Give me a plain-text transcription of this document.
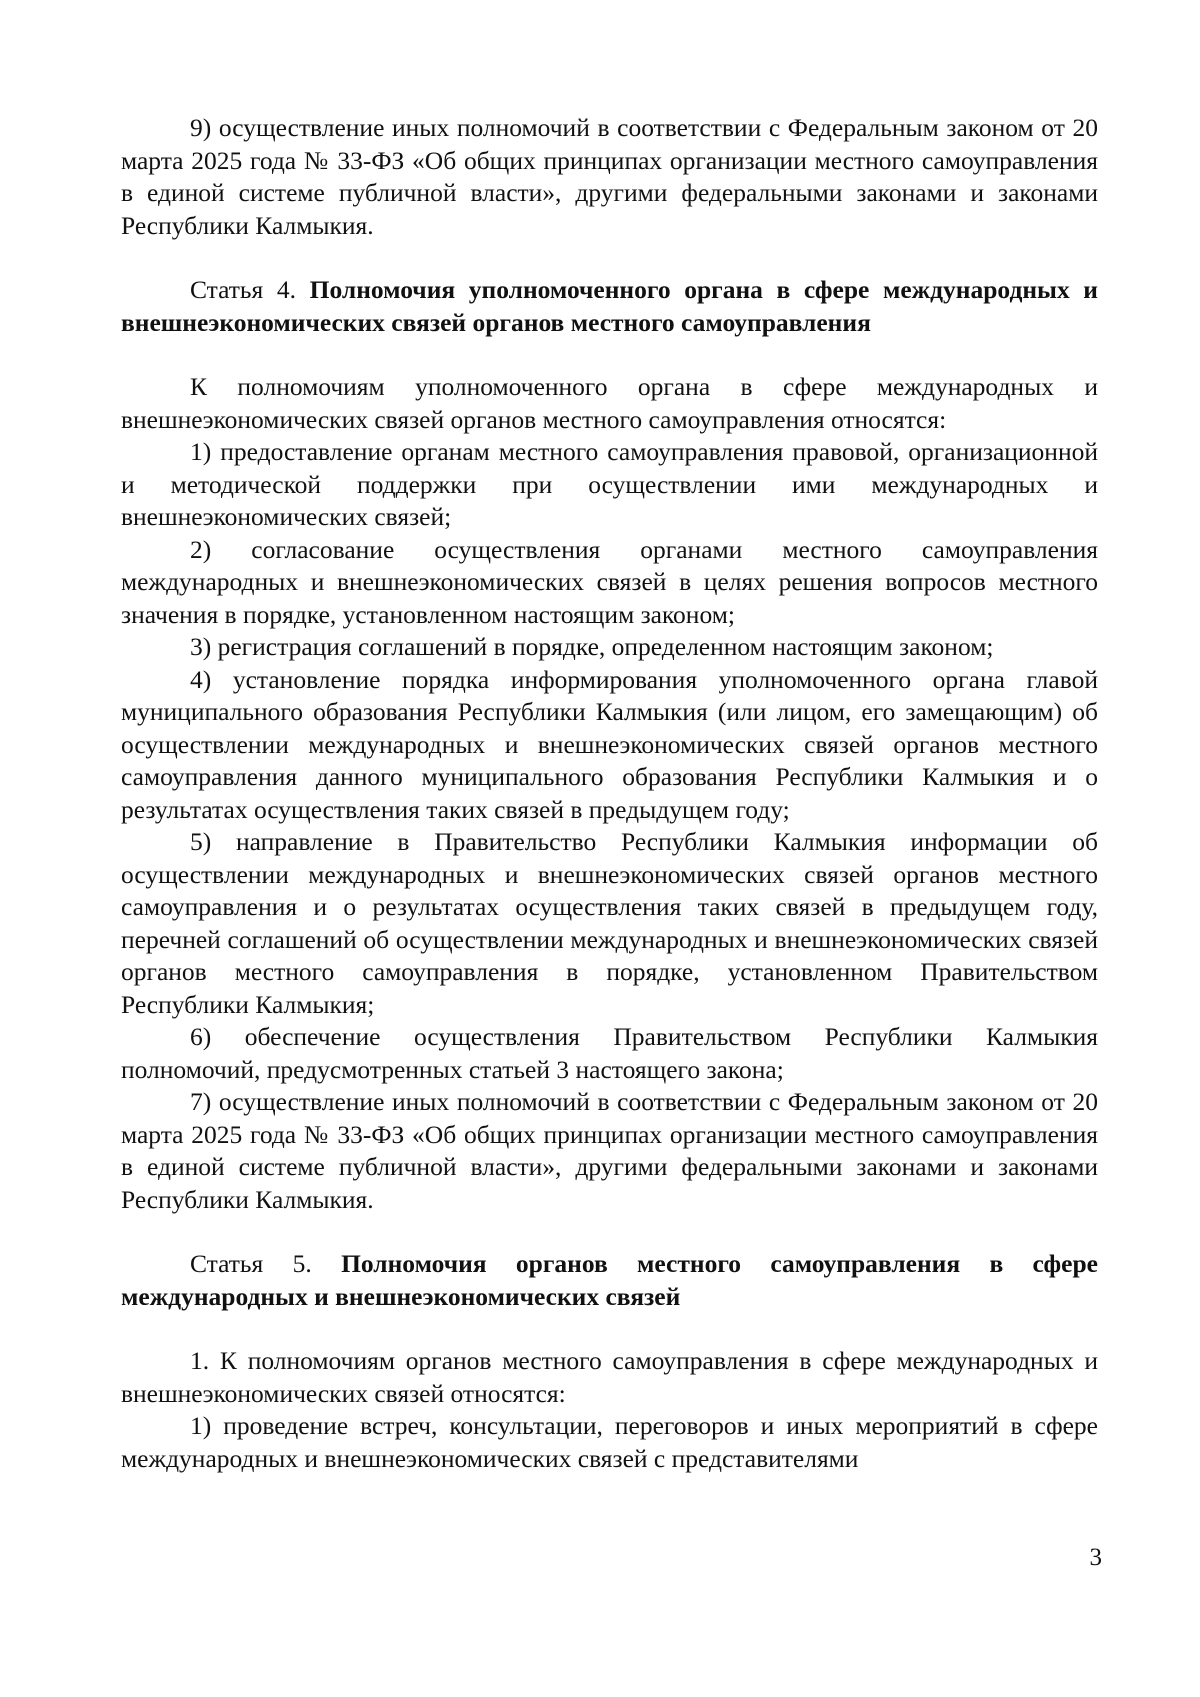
9) осуществление иных полномочий в соответствии с Федеральным законом от 20 марта 2025 года № 33-ФЗ «Об общих принципах организации местного самоуправления в единой системе публичной власти», другими федеральными законами и законами Республики Калмыкия.

Статья 4. Полномочия уполномоченного органа в сфере международных и внешнеэкономических связей органов местного самоуправления

К полномочиям уполномоченного органа в сфере международных и внешнеэкономических связей органов местного самоуправления относятся:

1) предоставление органам местного самоуправления правовой, организационной и методической поддержки при осуществлении ими международных и внешнеэкономических связей;

2) согласование осуществления органами местного самоуправления международных и внешнеэкономических связей в целях решения вопросов местного значения в порядке, установленном настоящим законом;

3) регистрация соглашений в порядке, определенном настоящим законом;

4) установление порядка информирования уполномоченного органа главой муниципального образования Республики Калмыкия (или лицом, его замещающим) об осуществлении международных и внешнеэкономических связей органов местного самоуправления данного муниципального образования Республики Калмыкия и о результатах осуществления таких связей в предыдущем году;

5) направление в Правительство Республики Калмыкия информации об осуществлении международных и внешнеэкономических связей органов местного самоуправления и о результатах осуществления таких связей в предыдущем году, перечней соглашений об осуществлении международных и внешнеэкономических связей органов местного самоуправления в порядке, установленном Правительством Республики Калмыкия;

6) обеспечение осуществления Правительством Республики Калмыкия полномочий, предусмотренных статьей 3 настоящего закона;

7) осуществление иных полномочий в соответствии с Федеральным законом от 20 марта 2025 года № 33-ФЗ «Об общих принципах организации местного самоуправления в единой системе публичной власти», другими федеральными законами и законами Республики Калмыкия.

Статья 5. Полномочия органов местного самоуправления в сфере международных и внешнеэкономических связей

1. К полномочиям органов местного самоуправления в сфере международных и внешнеэкономических связей относятся:

1) проведение встреч, консультации, переговоров и иных мероприятий в сфере международных и внешнеэкономических связей с представителями

3
